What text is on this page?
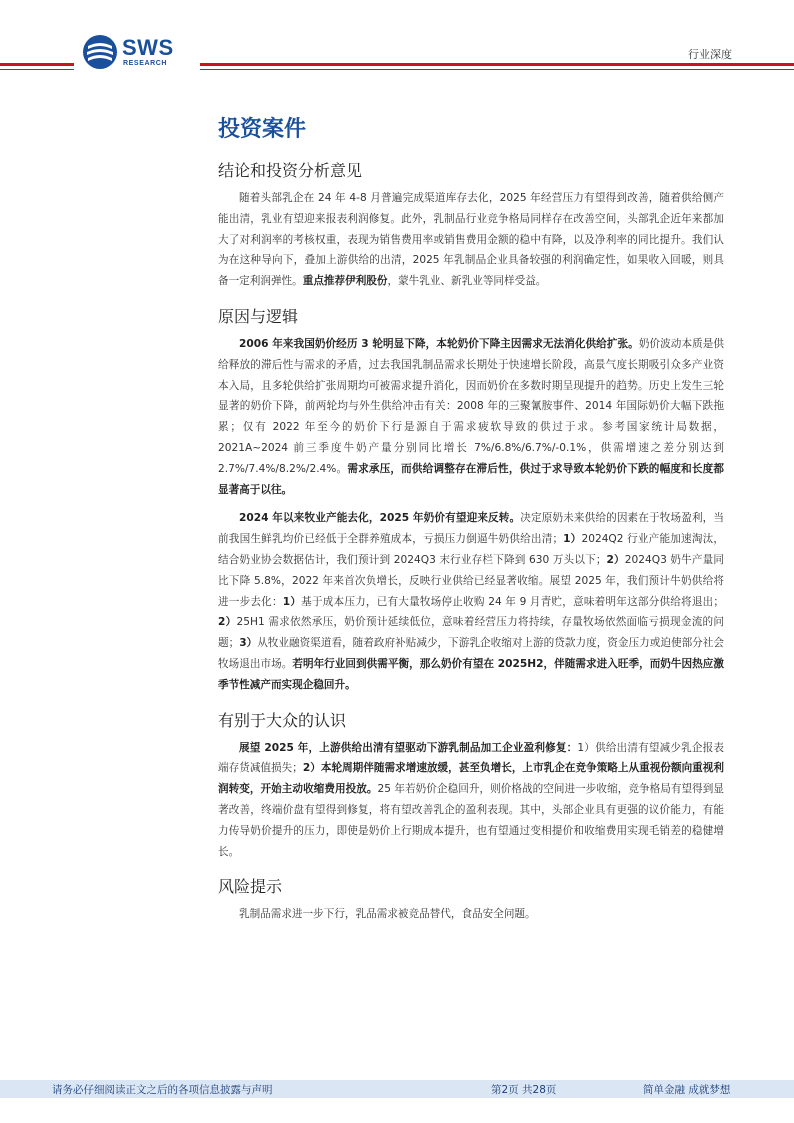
SWS
RESEARCH
行业深度
投资案件
结论和投资分析意见

随着头部乳企在 24 年 4-8 月普遍完成渠道库存去化，2025 年经营压力有望得到改善，随着供给侧产能出清，乳业有望迎来报表利润修复。此外，乳制品行业竞争格局同样存在改善空间，头部乳企近年来都加大了对利润率的考核权重，表现为销售费用率或销售费用金额的稳中有降，以及净利率的同比提升。我们认为在这种导向下，叠加上游供给的出清，2025 年乳制品企业具备较强的利润确定性，如果收入回暖，则具备一定利润弹性。重点推荐伊利股份，蒙牛乳业、新乳业等同样受益。

原因与逻辑

2006 年来我国奶价经历 3 轮明显下降，本轮奶价下降主因需求无法消化供给扩张。奶价波动本质是供给释放的滞后性与需求的矛盾，过去我国乳制品需求长期处于快速增长阶段，高景气度长期吸引众多产业资本入局，且多轮供给扩张周期均可被需求提升消化，因而奶价在多数时期呈现提升的趋势。历史上发生三轮显著的奶价下降，前两轮均与外生供给冲击有关：2008 年的三聚氰胺事件、2014 年国际奶价大幅下跌拖累；仅有 2022 年至今的奶价下行是源自于需求疲软导致的供过于求。参考国家统计局数据，2021A~2024 前三季度牛奶产量分别同比增长 7%/6.8%/6.7%/-0.1%，供需增速之差分别达到 2.7%/7.4%/8.2%/2.4%。需求承压，而供给调整存在滞后性，供过于求导致本轮奶价下跌的幅度和长度都显著高于以往。

2024 年以来牧业产能去化，2025 年奶价有望迎来反转。决定原奶未来供给的因素在于牧场盈利，当前我国生鲜乳均价已经低于全群养殖成本，亏损压力倒逼牛奶供给出清；1）2024Q2 行业产能加速淘汰，结合奶业协会数据估计，我们预计到 2024Q3 末行业存栏下降到 630 万头以下；2）2024Q3 奶牛产量同比下降 5.8%，2022 年来首次负增长，反映行业供给已经显著收缩。展望 2025 年，我们预计牛奶供给将进一步去化：1）基于成本压力，已有大量牧场停止收购 24 年 9 月青贮，意味着明年这部分供给将退出；2）25H1 需求依然承压，奶价预计延续低位，意味着经营压力将持续，存量牧场依然面临亏损现金流的问题；3）从牧业融资渠道看，随着政府补贴减少，下游乳企收缩对上游的贷款力度，资金压力或迫使部分社会牧场退出市场。若明年行业回到供需平衡，那么奶价有望在 2025H2，伴随需求进入旺季，而奶牛因热应激季节性减产而实现企稳回升。

有别于大众的认识

展望 2025 年，上游供给出清有望驱动下游乳制品加工企业盈利修复：1）供给出清有望减少乳企报表端存货减值损失；2）本轮周期伴随需求增速放缓，甚至负增长，上市乳企在竞争策略上从重视份额向重视利润转变，开始主动收缩费用投放。25 年若奶价企稳回升，则价格战的空间进一步收缩，竞争格局有望得到显著改善，终端价盘有望得到修复，将有望改善乳企的盈利表现。其中，头部企业具有更强的议价能力，有能力传导奶价提升的压力，即使是奶价上行期成本提升，也有望通过变相提价和收缩费用实现毛销差的稳健增长。

风险提示

乳制品需求进一步下行，乳品需求被竞品替代，食品安全问题。

请务必仔细阅读正文之后的各项信息披露与声明	第2页 共28页	简单金融 成就梦想
